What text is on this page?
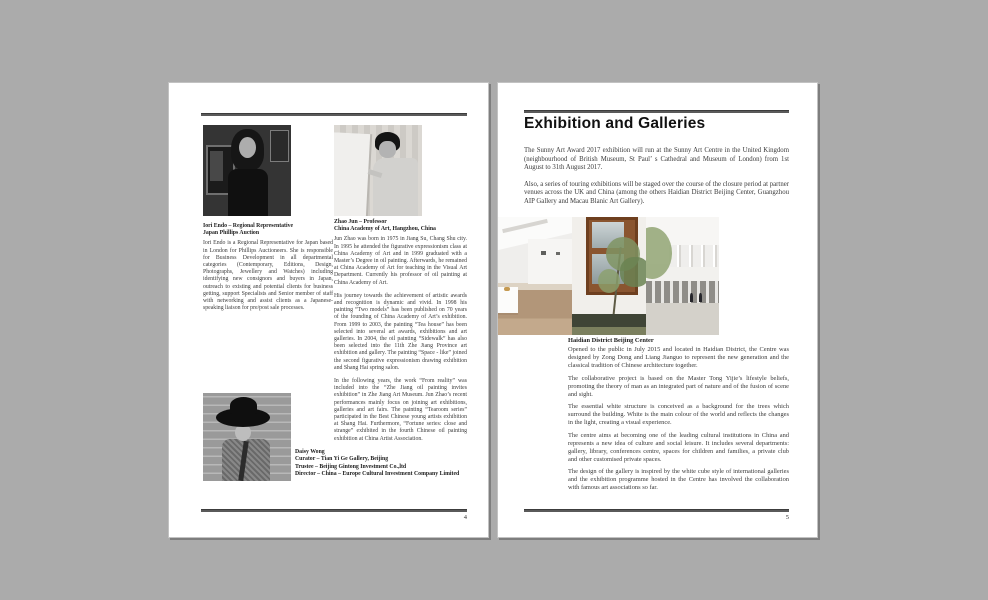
Iori Endo – Regional Representative
Japan Phillips Auction

Iori Endo is a Regional Representative for Japan based in London for Phillips Auctioneers. She is responsible for Business Development in all departmental categories (Contemporary, Editions, Design, Photographs, Jewellery and Watches) including identifying new consignors and buyers in Japan, outreach to existing and potential clients for business getting, support Specialists and Senior member of staff with networking and assist clients as a Japanese-speaking liaison for pre/post sale processes.

Zhao Jun – Professor
China Academy of Art, Hangzhou, China

Jun Zhao was born in 1975 in Jiang Su, Chang Shu city. In 1995 he attended the figurative expressionism class at China Academy of Art and in 1999 graduated with a Master’s Degree in oil painting. Afterwards, he remained at China Academy of Art for teaching in the Visual Art Department. Currently his professor of oil painting at China Academy of Art.

His journey towards the achievement of artistic awards and recognition is dynamic and vivid. In 1998 his painting “Two models” has been published on 70 years of the founding of China Academy of Art’s exhibition. From 1999 to 2003, the painting “Tea house” has been selected into several art awards, exhibitions and art galleries. In 2004, the oil painting “Sidewalk” has also been selected into the 11th Zhe Jiang Province art exhibition and gallery. The painting “Space - like” joined the second figurative expressionism drawing exhibition and Shang Hai spring salon.

In the following years, the work “From reality” was included into the “Zhe Jiang oil painting invites exhibition” in Zhe Jiang Art Museum. Jun Zhao’s recent performances mainly focus on joining art exhibitions, galleries and art fairs. The painting “Tearoom series” participated in the Best Chinese young artists exhibition at Shang Hai. Furthermore, “Fortune series: close and strange” exhibited in the fourth Chinese oil painting exhibition at China Artist Association.

Daisy Wong
Curator – Tian Yi Ge Gallery, Beijing
Trustee – Beijing Gintong Investment Co.,ltd
Director – China – Europe Cultural Investment Company Limited
4
Exhibition and Galleries

The Sunny Art Award 2017 exhibition will run at the Sunny Art Centre in the United Kingdom (neighbourhood of British Museum, St Paul’ s Cathedral and Museum of London) from 1st August to 31th August 2017.

Also, a series of touring exhibitions will be staged over the course of the closure period at partner venues across the UK and China (among the others Haidian District Beijing Center, Guangzhou AIP Gallery and Macau Blanic Art Gallery).

Haidian District Beijing Center

Opened to the public in July 2015 and located in Haidian District, the Centre was designed by Zong Dong and Liang Jianguo to represent the new generation and the classical tradition of Chinese architecture together.

The collaborative project is based on the Master Tong Yijie’s lifestyle beliefs, promoting the theory of man as an integrated part of nature and of the fusion of scene and sight.

The essential white structure is conceived as a background for the trees which surround the building. White is the main colour of the world and reflects the changes in the light, creating a visual experience.

The centre aims at becoming one of the leading cultural institutions in China and represents a new idea of culture and social leisure. It includes several departments: gallery, library, conferences centre, spaces for children and families, a private club and other customised private spaces.

The design of the gallery is inspired by the white cube style of international galleries and the exhibition programme hosted in the Centre has involved the collaboration with famous art associations so far.

5
